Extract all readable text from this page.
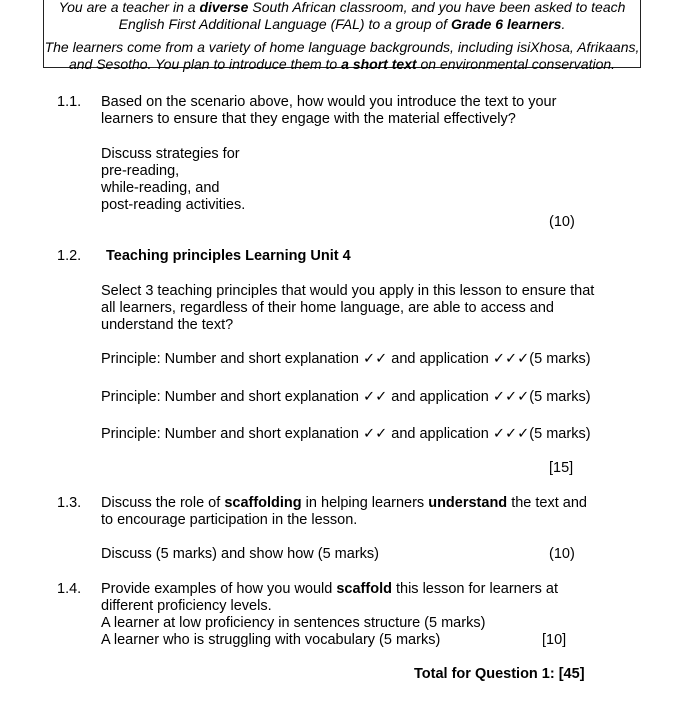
You are a teacher in a diverse South African classroom, and you have been asked to teach

English First Additional Language (FAL) to a group of Grade 6 learners.

The learners come from a variety of home language backgrounds, including isiXhosa, Afrikaans,

and Sesotho. You plan to introduce them to a short text on environmental conservation.

1.1. Based on the scenario above, how would you introduce the text to your
learners to ensure that they engage with the material effectively?
Discuss strategies for
pre-reading,
while-reading, and
post-reading activities.
(10)
1.2. Teaching principles Learning Unit 4
Select 3 teaching principles that would you apply in this lesson to ensure that
all learners, regardless of their home language, are able to access and
understand the text?
Principle: Number and short explanation ✓✓ and application ✓✓✓(5 marks)
Principle: Number and short explanation ✓✓ and application ✓✓✓(5 marks)
Principle: Number and short explanation ✓✓ and application ✓✓✓(5 marks)
[15]
1.3. Discuss the role of scaffolding in helping learners understand the text and
to encourage participation in the lesson.
Discuss (5 marks) and show how (5 marks)	(10)
1.4. Provide examples of how you would scaffold this lesson for learners at
different proficiency levels.
A learner at low proficiency in sentences structure (5 marks)
A learner who is struggling with vocabulary (5 marks)	[10]
Total for Question 1: [45]
